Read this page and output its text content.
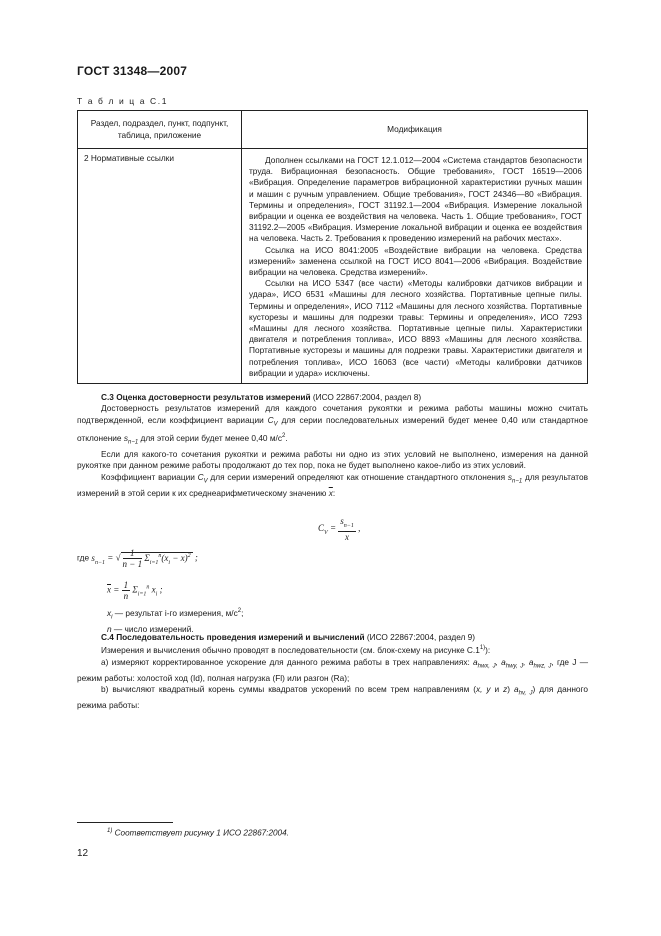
ГОСТ 31348—2007
Т а б л и ц а С.1
Раздел, подраздел, пункт, подпункт, таблица, приложение	Модификация
2 Нормативные ссылки	Дополнен ссылками на ГОСТ 12.1.012—2004 «Система стандартов безопасности труда. Вибрационная безопасность. Общие требования», ГОСТ 16519—2006 «Вибрация. Определение параметров вибрационной характеристики ручных машин и машин с ручным управлением. Общие требования», ГОСТ 24346—80 «Вибрация. Термины и определения», ГОСТ 31192.1—2004 «Вибрация. Измерение локальной вибрации и оценка ее воздействия на человека. Часть 1. Общие требования», ГОСТ 31192.2—2005 «Вибрация. Измерение локальной вибрации и оценка ее воздействия на человека. Часть 2. Требования к проведению измерений на рабочих местах».

Ссылка на ИСО 8041:2005 «Воздействие вибрации на человека. Средства измерений» заменена ссылкой на ГОСТ ИСО 8041—2006 «Вибрация. Воздействие вибрации на человека. Средства измерений».

Ссылки на ИСО 5347 (все части) «Методы калибровки датчиков вибрации и удара», ИСО 6531 «Машины для лесного хозяйства. Портативные цепные пилы. Термины и определения», ИСО 7112 «Машины для лесного хозяйства. Портативные кусторезы и машины для подрезки травы: Термины и определения», ИСО 7293 «Машины для лесного хозяйства. Портативные цепные пилы. Характеристики двигателя и потребления топлива», ИСО 8893 «Машины для лесного хозяйства. Портативные кусторезы и машины для подрезки травы. Характеристики двигателя и потребления топлива», ИСО 16063 (все части) «Методы калибровки датчиков вибрации и удара» исключены.

С.3 Оценка достоверности результатов измерений (ИСО 22867:2004, раздел 8)

Достоверность результатов измерений для каждого сочетания рукоятки и режима работы машины можно считать подтвержденной, если коэффициент вариации $C_V$ для серии последовательных измерений будет менее 0,40 или стандартное отклонение $s_{n-1}$ для этой серии будет менее 0,40 $м/с^2$.

Если для какого-то сочетания рукоятки и режима работы ни одно из этих условий не выполнено, измерения на данной рукоятке при данном режиме работы продолжают до тех пор, пока не будет выполнено какое-либо из этих условий.

Коэффициент вариации $C_V$ для серии измерений определяют как отношение стандартного отклонения $s_{n-1}$ для результатов измерений в этой серии к их среднеарифметическому значению $\overline{x}$:

$C_V = \frac{s_{n-1}}{x}$ ,
где $s_{n-1}$ = √ $\frac{1}{n - 1} \Sigma_{i=1}^n(x_i - \overline{x})^2$ ;
$\overline{x} = \frac{1}{n} \Sigma_{i=1}^n$ $x_i$ ;

$x_i$ — результат i-го измерения, $м/с^2$;

n — число измерений.

С.4 Последовательность проведения измерений и вычислений (ИСО 22867:2004, раздел 9)

Измерения и вычисления обычно проводят в последовательности (см. блок-схему на рисунке С.1$^{1)}$):

а) измеряют корректированное ускорение для данного режима работы в трех направлениях: $a_{hwx, J}$, $a_{hwy, J}$, $a_{hwz, J}$, где J — режим работы: холостой ход (Id), полная нагрузка (Fl) или разгон (Ra);

b) вычисляют квадратный корень суммы квадратов ускорений по всем трем направлениям (x, y и z) $a_{hv, J}$) для данного режима работы:

$^{1)}$ Соответствует рисунку 1 ИСО 22867:2004.
12
